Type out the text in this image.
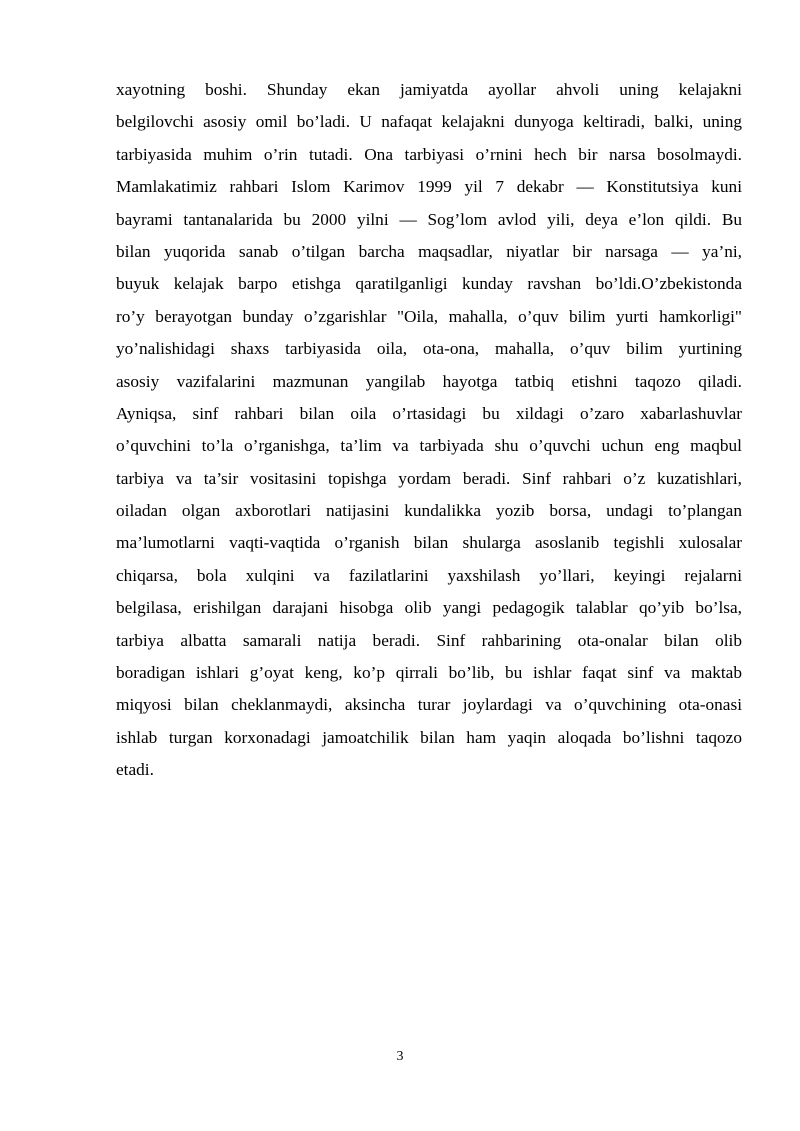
xayotning boshi. Shunday ekan jamiyatda ayollar ahvoli uning kelajakni
belgilovchi asosiy omil bo’ladi. U nafaqat kelajakni dunyoga keltiradi, balki, uning
tarbiyasida muhim o’rin tutadi. Ona tarbiyasi o’rnini hech bir narsa bosolmaydi.
Mamlakatimiz rahbari Islom Karimov 1999 yil 7 dekabr — Konstitutsiya kuni
bayrami tantanalarida bu 2000 yilni — Sog’lom avlod yili, deya e’lon qildi. Bu
bilan yuqorida sanab o’tilgan barcha maqsadlar, niyatlar bir narsaga — ya’ni,
buyuk kelajak barpo etishga qaratilganligi kunday ravshan bo’ldi.O’zbekistonda
ro’y berayotgan bunday o’zgarishlar "Oila, mahalla, o’quv bilim yurti hamkorligi"
yo’nalishidagi shaxs tarbiyasida oila, ota-ona, mahalla, o’quv bilim yurtining
asosiy vazifalarini mazmunan yangilab hayotga tatbiq etishni taqozo qiladi.
Ayniqsa, sinf rahbari bilan oila o’rtasidagi bu xildagi o’zaro xabarlashuvlar
o’quvchini to’la o’rganishga, ta’lim va tarbiyada shu o’quvchi uchun eng maqbul
tarbiya va ta’sir vositasini topishga yordam beradi. Sinf rahbari o’z kuzatishlari,
oiladan olgan axborotlari natijasini kundalikka yozib borsa, undagi to’plangan
ma’lumotlarni vaqti-vaqtida o’rganish bilan shularga asoslanib tegishli xulosalar
chiqarsa, bola xulqini va fazilatlarini yaxshilash yo’llari, keyingi rejalarni
belgilasa, erishilgan darajani hisobga olib yangi pedagogik talablar qo’yib bo’lsa,
tarbiya albatta samarali natija beradi. Sinf rahbarining ota-onalar bilan olib
boradigan ishlari g’oyat keng, ko’p qirrali bo’lib, bu ishlar faqat sinf va maktab
miqyosi bilan cheklanmaydi, aksincha turar joylardagi va o’quvchining ota-onasi
ishlab turgan korxonadagi jamoatchilik bilan ham yaqin aloqada bo’lishni taqozo
etadi.
3
